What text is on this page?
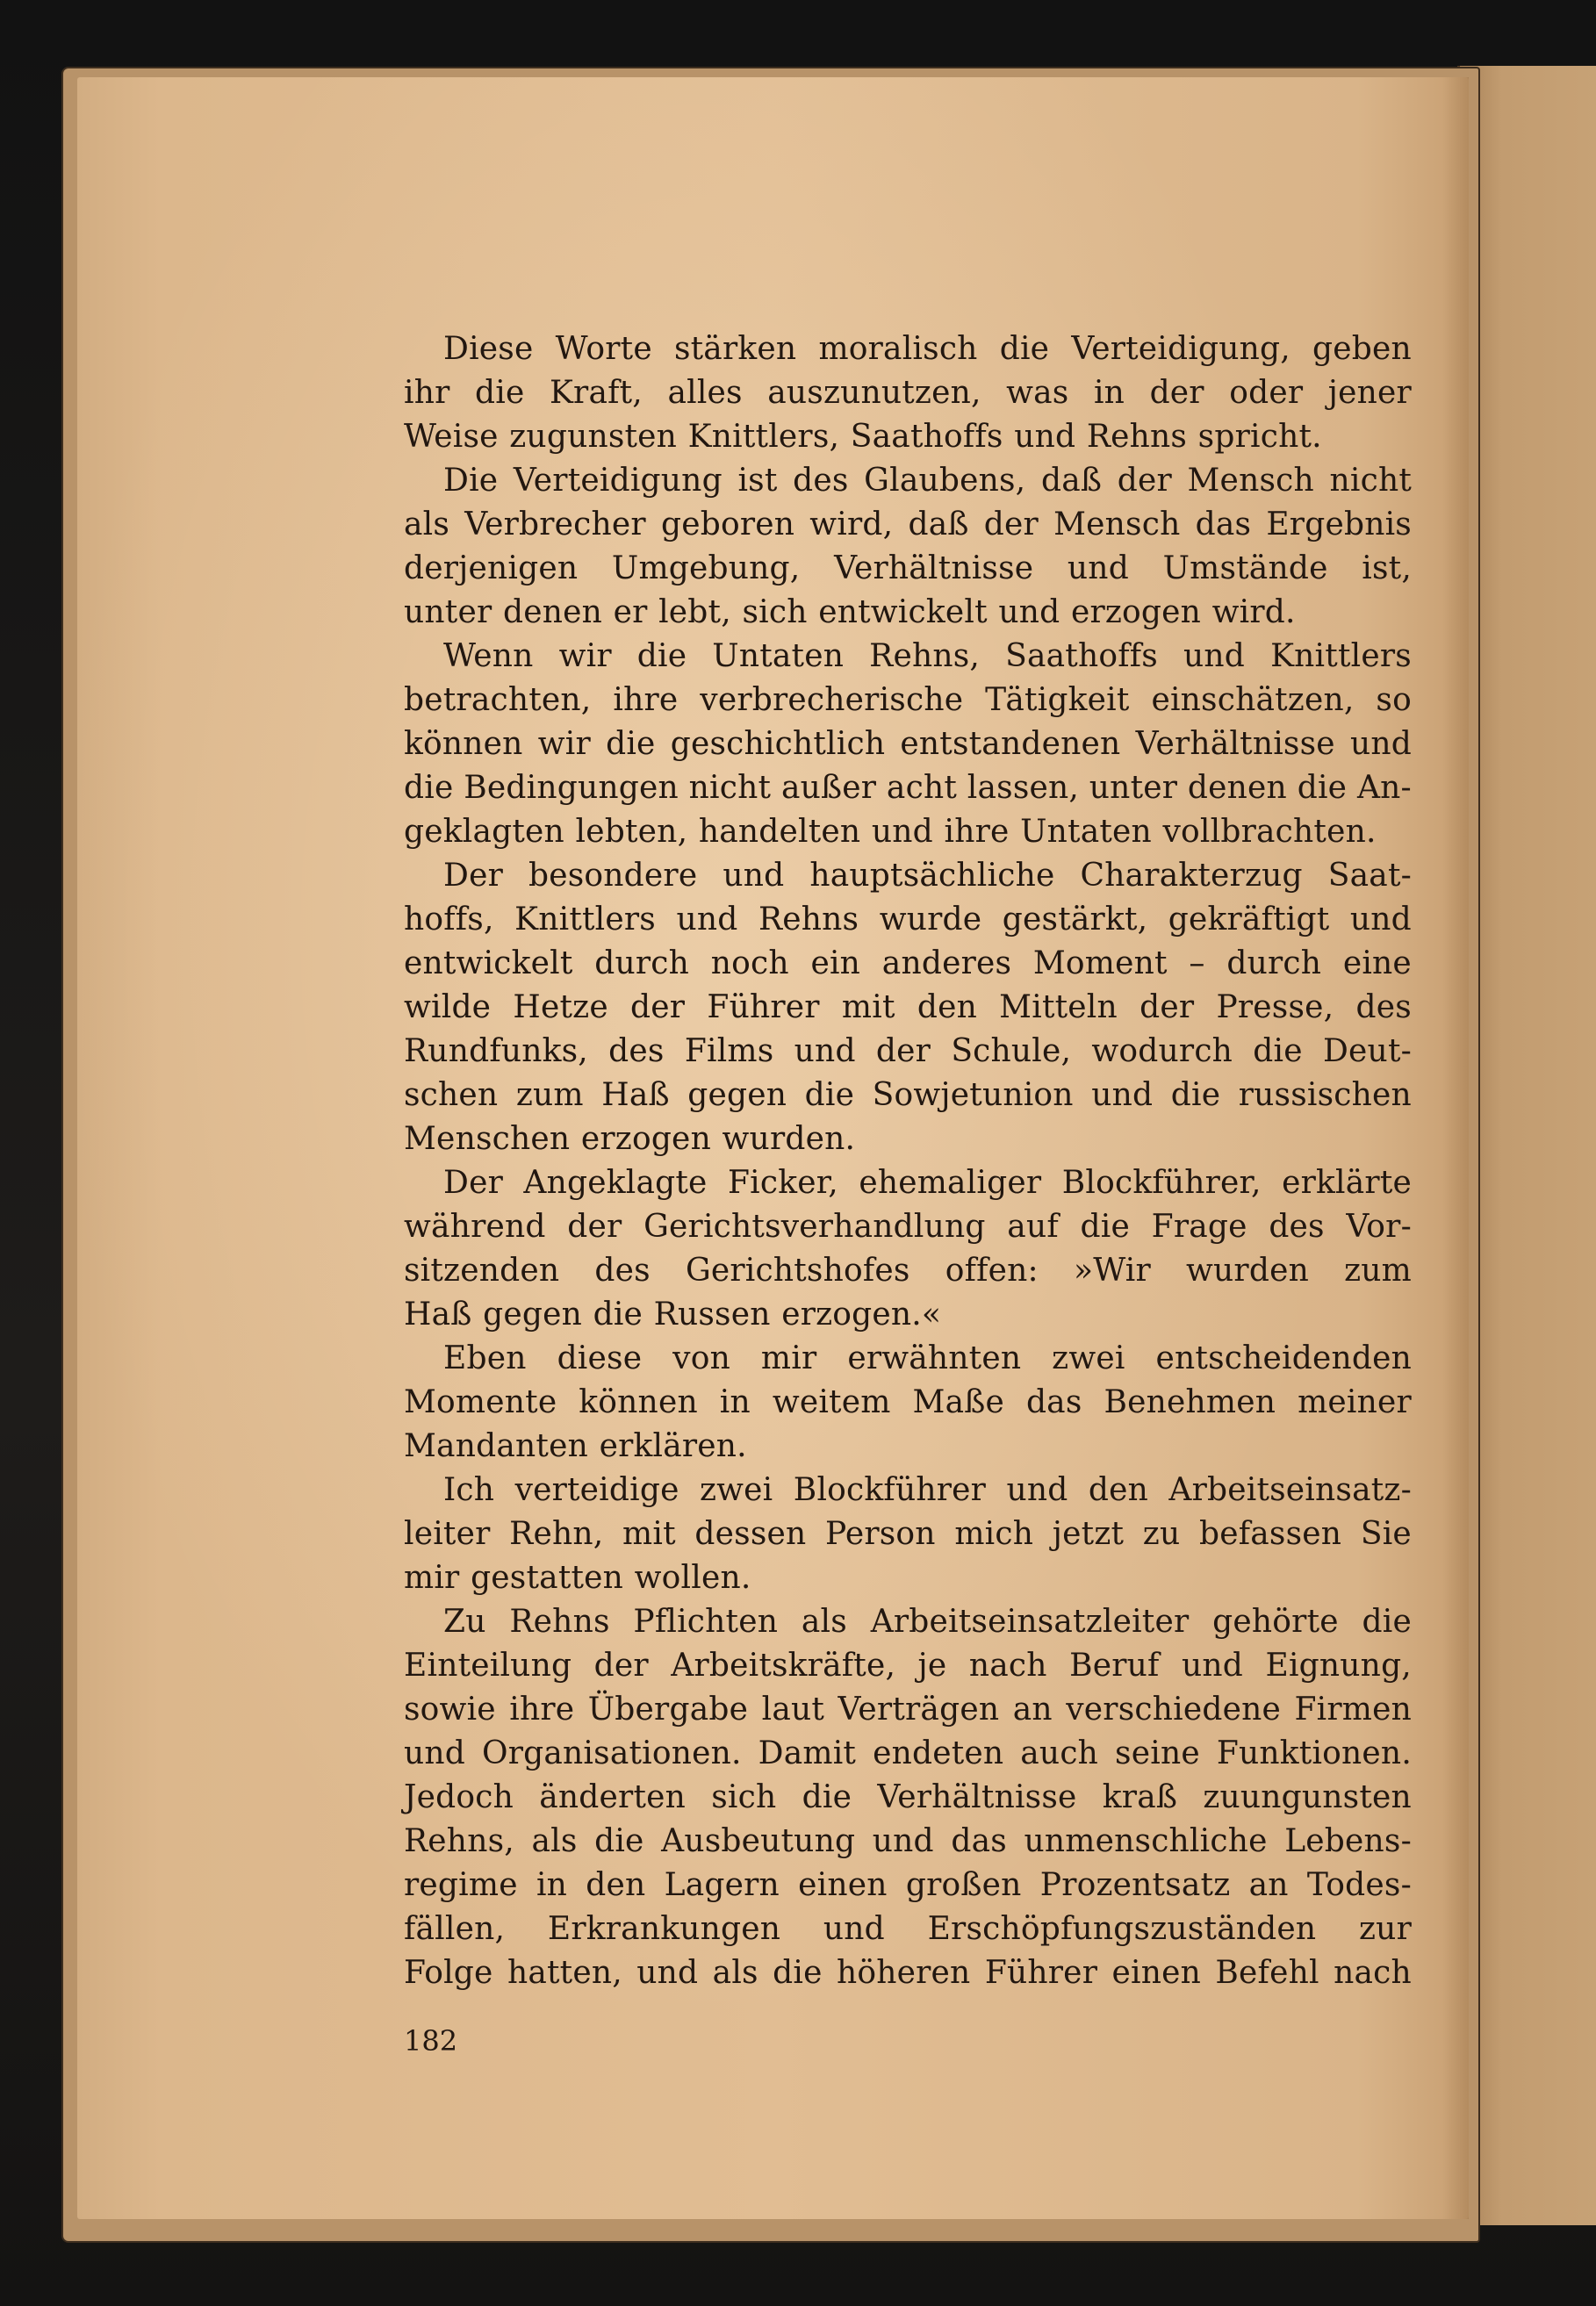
Diese Worte stärken moralisch die Verteidigung, geben
ihr die Kraft, alles auszunutzen, was in der oder jener
Weise zugunsten Knittlers, Saathoffs und Rehns spricht.
Die Verteidigung ist des Glaubens, daß der Mensch nicht
als Verbrecher geboren wird, daß der Mensch das Ergebnis
derjenigen Umgebung, Verhältnisse und Umstände ist,
unter denen er lebt, sich entwickelt und erzogen wird.
Wenn wir die Untaten Rehns, Saathoffs und Knittlers
betrachten, ihre verbrecherische Tätigkeit einschätzen, so
können wir die geschichtlich entstandenen Verhältnisse und
die Bedingungen nicht außer acht lassen, unter denen die An-
geklagten lebten, handelten und ihre Untaten vollbrachten.
Der besondere und hauptsächliche Charakterzug Saat-
hoffs, Knittlers und Rehns wurde gestärkt, gekräftigt und
entwickelt durch noch ein anderes Moment – durch eine
wilde Hetze der Führer mit den Mitteln der Presse, des
Rundfunks, des Films und der Schule, wodurch die Deut-
schen zum Haß gegen die Sowjetunion und die russischen
Menschen erzogen wurden.
Der Angeklagte Ficker, ehemaliger Blockführer, erklärte
während der Gerichtsverhandlung auf die Frage des Vor-
sitzenden des Gerichtshofes offen: »Wir wurden zum
Haß gegen die Russen erzogen.«
Eben diese von mir erwähnten zwei entscheidenden
Momente können in weitem Maße das Benehmen meiner
Mandanten erklären.
Ich verteidige zwei Blockführer und den Arbeitseinsatz-
leiter Rehn, mit dessen Person mich jetzt zu befassen Sie
mir gestatten wollen.
Zu Rehns Pflichten als Arbeitseinsatzleiter gehörte die
Einteilung der Arbeitskräfte, je nach Beruf und Eignung,
sowie ihre Übergabe laut Verträgen an verschiedene Firmen
und Organisationen. Damit endeten auch seine Funktionen.
Jedoch änderten sich die Verhältnisse kraß zuungunsten
Rehns, als die Ausbeutung und das unmenschliche Lebens-
regime in den Lagern einen großen Prozentsatz an Todes-
fällen, Erkrankungen und Erschöpfungszuständen zur
Folge hatten, und als die höheren Führer einen Befehl nach
182
